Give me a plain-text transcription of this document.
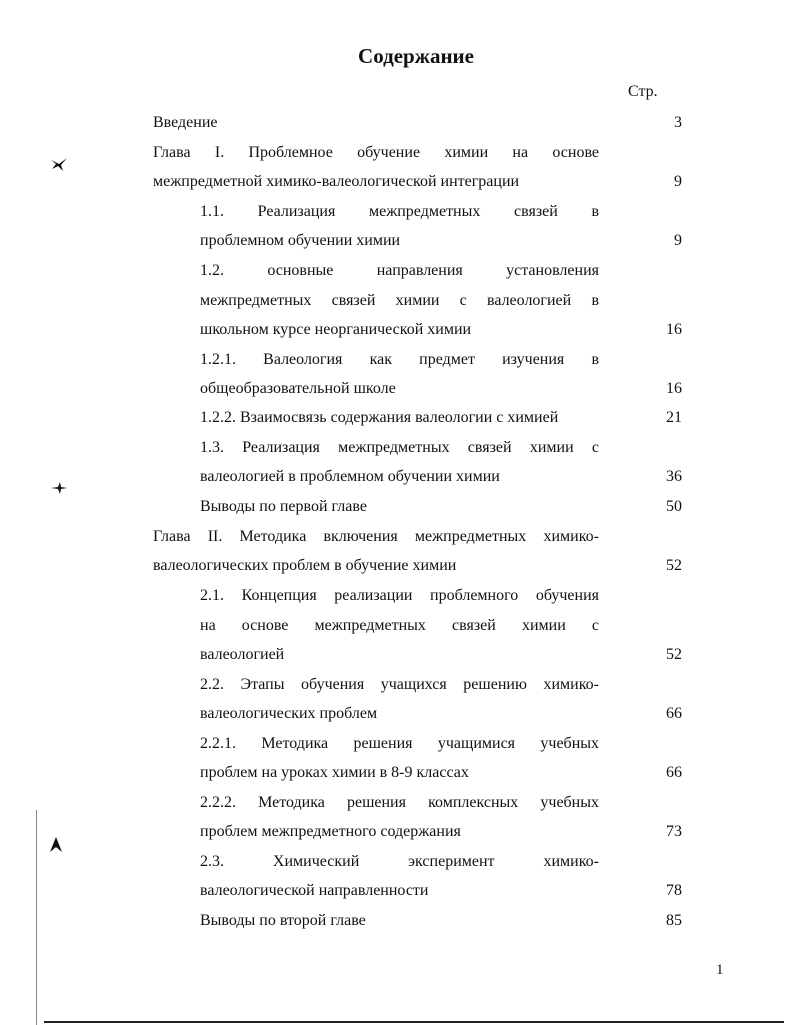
Содержание
Стр.
Введение	3
Глава I. Проблемное обучение химии на основе
межпредметной химико-валеологической интеграции	9
1.1. Реализация межпредметных связей в
проблемном обучении химии	9
1.2. основные направления установления
межпредметных связей химии с валеологией в
школьном курсе неорганической химии	16
1.2.1. Валеология как предмет изучения в
общеобразовательной школе	16
1.2.2. Взаимосвязь содержания валеологии с химией	21
1.3. Реализация межпредметных связей химии с
валеологией в проблемном обучении химии	36
Выводы по первой главе	50
Глава II. Методика включения межпредметных химико-
валеологических проблем в обучение химии	52
2.1. Концепция реализации проблемного обучения
на основе межпредметных связей химии с
валеологией	52
2.2. Этапы обучения учащихся решению химико-
валеологических проблем	66
2.2.1. Методика решения учащимися учебных
проблем на уроках химии в 8-9 классах	66
2.2.2. Методика решения комплексных учебных
проблем межпредметного содержания	73
2.3. Химический эксперимент химико-
валеологической направленности	78
Выводы по второй главе	85
1
